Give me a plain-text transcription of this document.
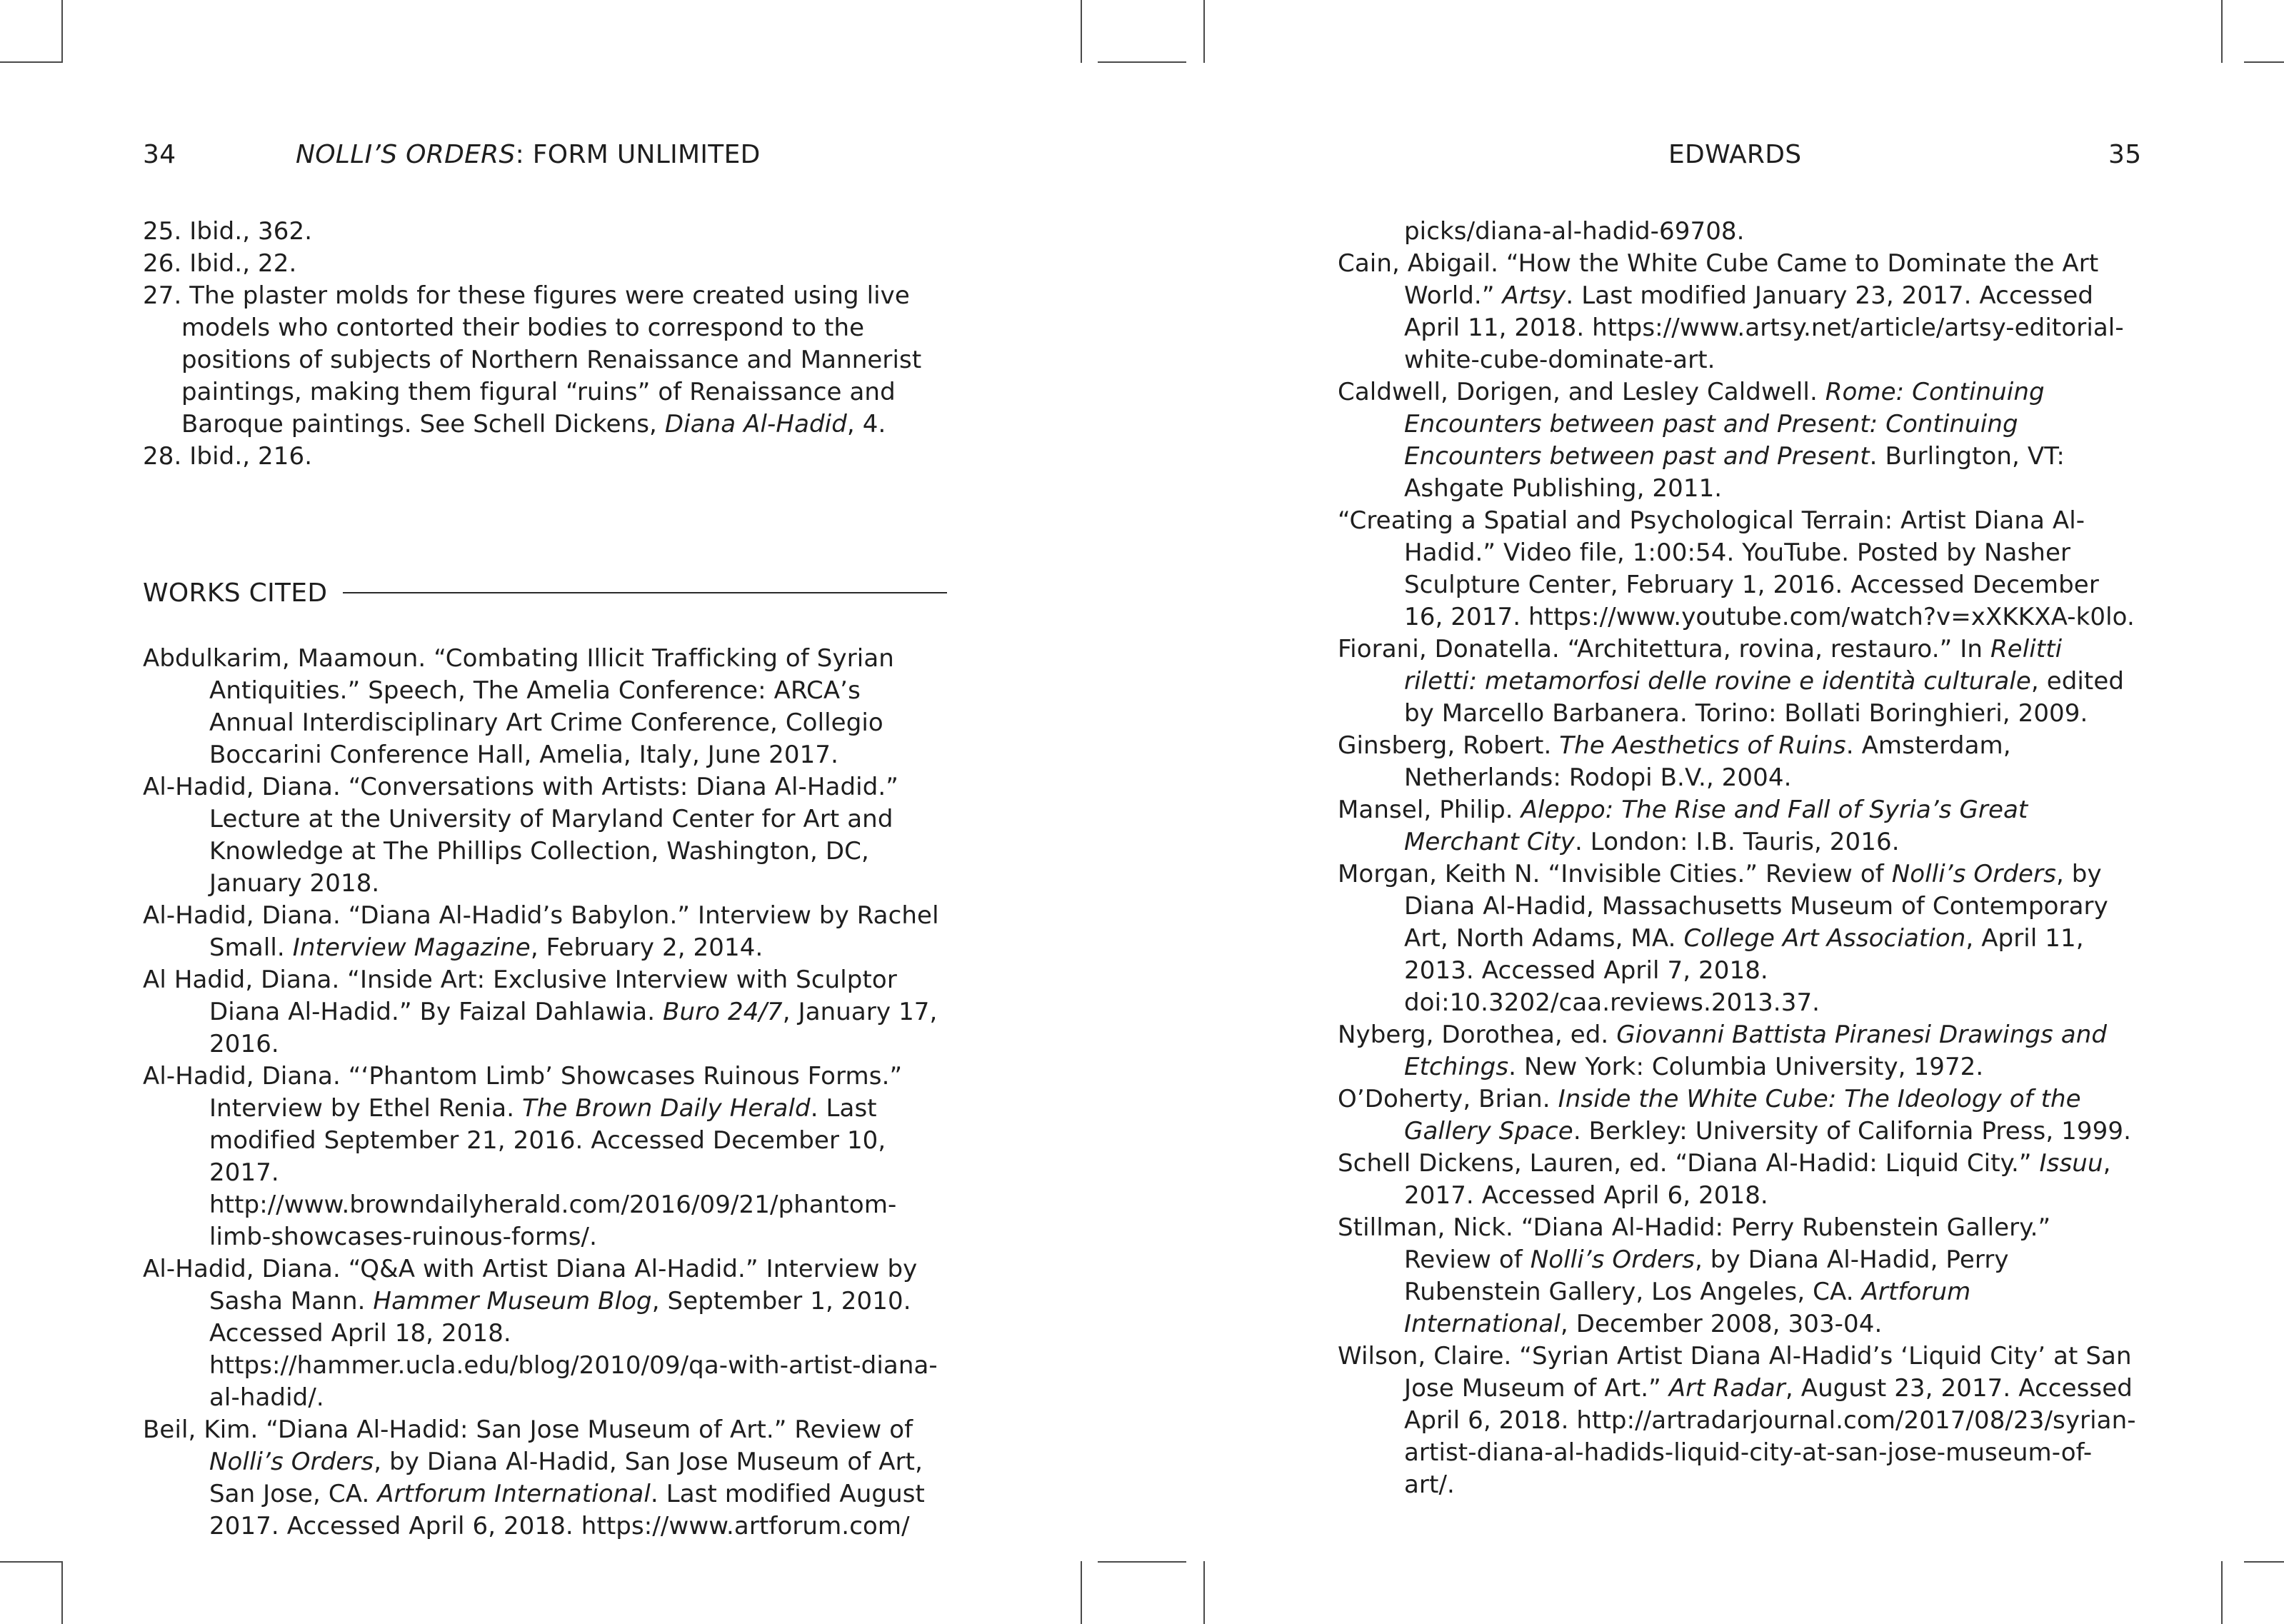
34	NOLLI’S ORDERS: FORM UNLIMITED	EDWARDS	35

25. Ibid., 362.

26. Ibid., 22.

27. The plaster molds for these figures were created using live models who contorted their bodies to correspond to the positions of subjects of Northern Renaissance and Mannerist paintings, making them figural “ruins” of Renaissance and Baroque paintings. See Schell Dickens, Diana Al-Hadid, 4.

28. Ibid., 216.

WORKS CITED

Abdulkarim, Maamoun. “Combating Illicit Trafficking of Syrian Antiquities.” Speech, The Amelia Conference: ARCA’s Annual Interdisciplinary Art Crime Conference, Collegio Boccarini Conference Hall, Amelia, Italy, June 2017.

Al-Hadid, Diana. “Conversations with Artists: Diana Al-Hadid.” Lecture at the University of Maryland Center for Art and Knowledge at The Phillips Collection, Washington, DC, January 2018.

Al-Hadid, Diana. “Diana Al-Hadid’s Babylon.” Interview by Rachel Small. Interview Magazine, February 2, 2014.

Al Hadid, Diana. “Inside Art: Exclusive Interview with Sculptor Diana Al-Hadid.” By Faizal Dahlawia. Buro 24/7, January 17, 2016.

Al-Hadid, Diana. “‘Phantom Limb’ Showcases Ruinous Forms.” Interview by Ethel Renia. The Brown Daily Herald. Last modified September 21, 2016. Accessed December 10, 2017. http://www.browndailyherald.com/2016/09/21/phantom-limb-showcases-ruinous-forms/.

Al-Hadid, Diana. “Q&A with Artist Diana Al-Hadid.” Interview by Sasha Mann. Hammer Museum Blog, September 1, 2010. Accessed April 18, 2018. https://hammer.ucla.edu/blog/2010/09/qa-with-artist-diana-al-hadid/.

Beil, Kim. “Diana Al-Hadid: San Jose Museum of Art.” Review of Nolli’s Orders, by Diana Al-Hadid, San Jose Museum of Art, San Jose, CA. Artforum International. Last modified August 2017. Accessed April 6, 2018. https://www.artforum.com/

picks/diana-al-hadid-69708.

Cain, Abigail. “How the White Cube Came to Dominate the Art World.” Artsy. Last modified January 23, 2017. Accessed April 11, 2018. https://www.artsy.net/article/artsy-editorial-white-cube-dominate-art.

Caldwell, Dorigen, and Lesley Caldwell. Rome: Continuing Encounters between past and Present: Continuing Encounters between past and Present. Burlington, VT: Ashgate Publishing, 2011.

“Creating a Spatial and Psychological Terrain: Artist Diana Al-Hadid.” Video file, 1:00:54. YouTube. Posted by Nasher Sculpture Center, February 1, 2016. Accessed December 16, 2017. https://www.youtube.com/watch?v=xXKKXA-k0lo.

Fiorani, Donatella. “Architettura, rovina, restauro.” In Relitti riletti: metamorfosi delle rovine e identità culturale, edited by Marcello Barbanera. Torino: Bollati Boringhieri, 2009.

Ginsberg, Robert. The Aesthetics of Ruins. Amsterdam, Netherlands: Rodopi B.V., 2004.

Mansel, Philip. Aleppo: The Rise and Fall of Syria’s Great Merchant City. London: I.B. Tauris, 2016.

Morgan, Keith N. “Invisible Cities.” Review of Nolli’s Orders, by Diana Al-Hadid, Massachusetts Museum of Contemporary Art, North Adams, MA. College Art Association, April 11, 2013. Accessed April 7, 2018. doi:10.3202/caa.reviews.2013.37.

Nyberg, Dorothea, ed. Giovanni Battista Piranesi Drawings and Etchings. New York: Columbia University, 1972.

O’Doherty, Brian. Inside the White Cube: The Ideology of the Gallery Space. Berkley: University of California Press, 1999.

Schell Dickens, Lauren, ed. “Diana Al-Hadid: Liquid City.” Issuu, 2017. Accessed April 6, 2018.

Stillman, Nick. “Diana Al-Hadid: Perry Rubenstein Gallery.” Review of Nolli’s Orders, by Diana Al-Hadid, Perry Rubenstein Gallery, Los Angeles, CA. Artforum International, December 2008, 303-04.

Wilson, Claire. “Syrian Artist Diana Al-Hadid’s ‘Liquid City’ at San Jose Museum of Art.” Art Radar, August 23, 2017. Accessed April 6, 2018. http://artradarjournal.com/2017/08/23/syrian-artist-diana-al-hadids-liquid-city-at-san-jose-museum-of-art/.
